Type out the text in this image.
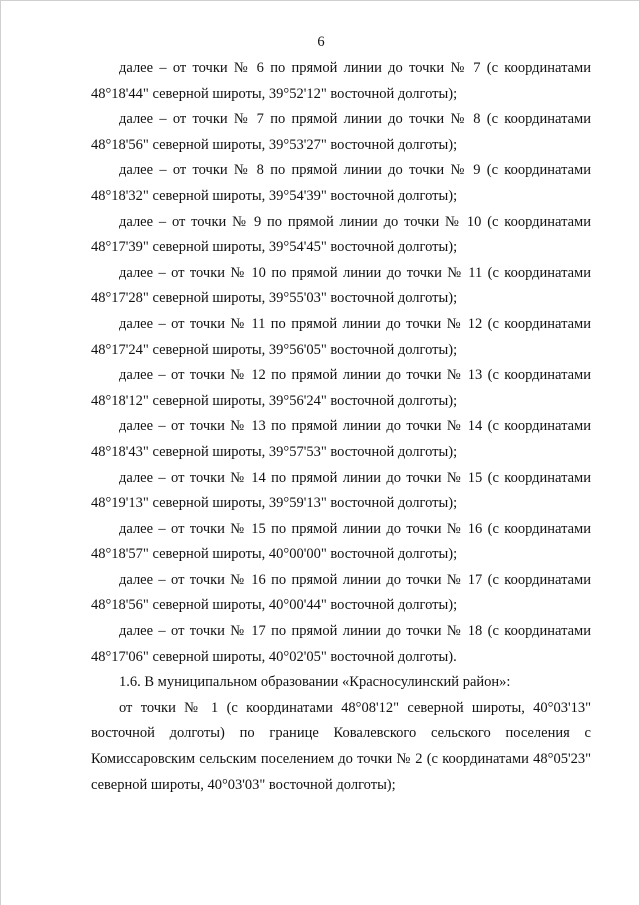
6

далее – от точки № 6 по прямой линии до точки № 7 (с координатами 48°18'44" северной широты, 39°52'12" восточной долготы);

далее – от точки № 7 по прямой линии до точки № 8 (с координатами 48°18'56" северной широты, 39°53'27" восточной долготы);

далее – от точки № 8 по прямой линии до точки № 9 (с координатами 48°18'32" северной широты, 39°54'39" восточной долготы);

далее – от точки № 9 по прямой линии до точки № 10 (с координатами 48°17'39" северной широты, 39°54'45" восточной долготы);

далее – от точки № 10 по прямой линии до точки № 11 (с координатами 48°17'28" северной широты, 39°55'03" восточной долготы);

далее – от точки № 11 по прямой линии до точки № 12 (с координатами 48°17'24" северной широты, 39°56'05" восточной долготы);

далее – от точки № 12 по прямой линии до точки № 13 (с координатами 48°18'12" северной широты, 39°56'24" восточной долготы);

далее – от точки № 13 по прямой линии до точки № 14 (с координатами 48°18'43" северной широты, 39°57'53" восточной долготы);

далее – от точки № 14 по прямой линии до точки № 15 (с координатами 48°19'13" северной широты, 39°59'13" восточной долготы);

далее – от точки № 15 по прямой линии до точки № 16 (с координатами 48°18'57" северной широты, 40°00'00" восточной долготы);

далее – от точки № 16 по прямой линии до точки № 17 (с координатами 48°18'56" северной широты, 40°00'44" восточной долготы);

далее – от точки № 17 по прямой линии до точки № 18 (с координатами 48°17'06" северной широты, 40°02'05" восточной долготы).

1.6. В муниципальном образовании «Красносулинский район»:

от точки № 1 (с координатами 48°08'12" северной широты, 40°03'13" восточной долготы) по границе Ковалевского сельского поселения с Комиссаровским сельским поселением до точки № 2 (с координатами 48°05'23" северной широты, 40°03'03" восточной долготы);
